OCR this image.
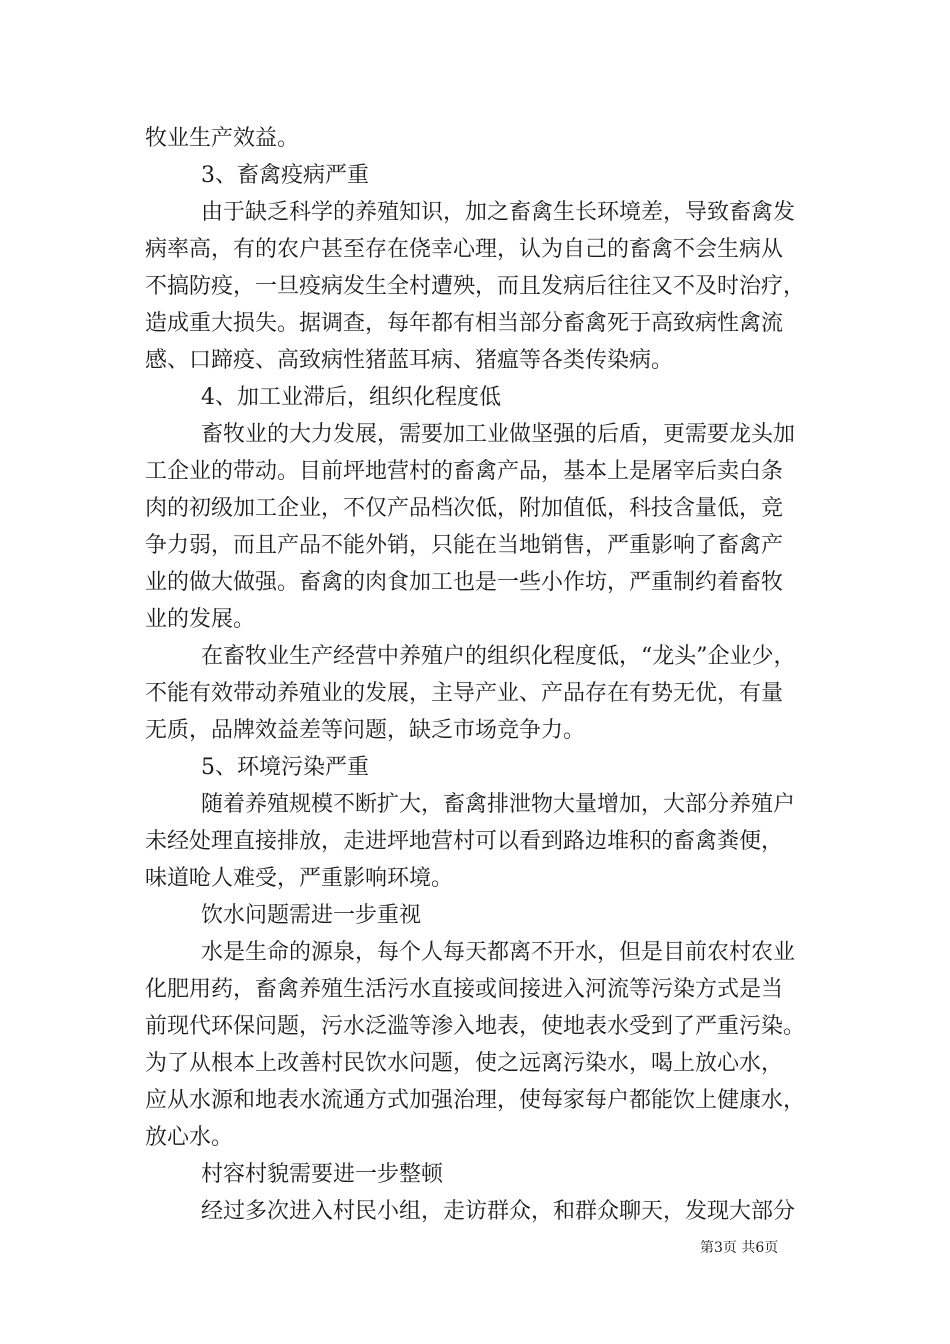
牧业生产效益。
3、畜禽疫病严重
由于缺乏科学的养殖知识，加之畜禽生长环境差，导致畜禽发
病率高，有的农户甚至存在侥幸心理，认为自己的畜禽不会生病从
不搞防疫，一旦疫病发生全村遭殃，而且发病后往往又不及时治疗，
造成重大损失。据调查，每年都有相当部分畜禽死于高致病性禽流
感、口蹄疫、高致病性猪蓝耳病、猪瘟等各类传染病。
4、加工业滞后，组织化程度低
畜牧业的大力发展，需要加工业做坚强的后盾，更需要龙头加
工企业的带动。目前坪地营村的畜禽产品，基本上是屠宰后卖白条
肉的初级加工企业，不仅产品档次低，附加值低，科技含量低，竞
争力弱，而且产品不能外销，只能在当地销售，严重影响了畜禽产
业的做大做强。畜禽的肉食加工也是一些小作坊，严重制约着畜牧
业的发展。
在畜牧业生产经营中养殖户的组织化程度低，“龙头”企业少，
不能有效带动养殖业的发展，主导产业、产品存在有势无优，有量
无质，品牌效益差等问题，缺乏市场竞争力。
5、环境污染严重
随着养殖规模不断扩大，畜禽排泄物大量增加，大部分养殖户
未经处理直接排放，走进坪地营村可以看到路边堆积的畜禽粪便，
味道呛人难受，严重影响环境。
饮水问题需进一步重视
水是生命的源泉，每个人每天都离不开水，但是目前农村农业
化肥用药，畜禽养殖生活污水直接或间接进入河流等污染方式是当
前现代环保问题，污水泛滥等渗入地表，使地表水受到了严重污染。
为了从根本上改善村民饮水问题，使之远离污染水，喝上放心水，
应从水源和地表水流通方式加强治理，使每家每户都能饮上健康水，
放心水。
村容村貌需要进一步整顿
经过多次进入村民小组，走访群众，和群众聊天，发现大部分
第3页 共6页
